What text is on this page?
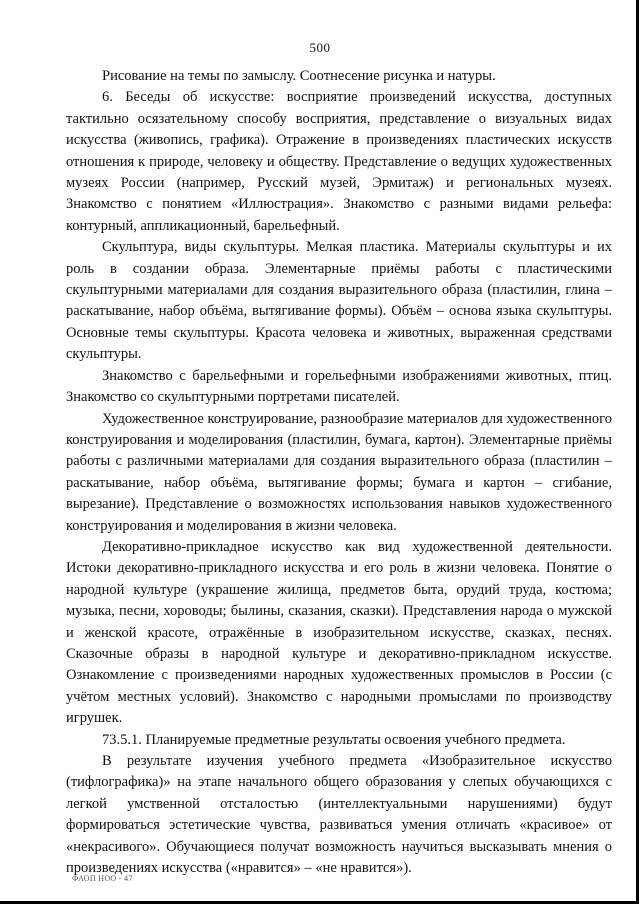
500

Рисование на темы по замыслу. Соотнесение рисунка и натуры.

6. Беседы об искусстве: восприятие произведений искусства, доступных тактильно осязательному способу восприятия, представление о визуальных видах искусства (живопись, графика). Отражение в произведениях пластических искусств отношения к природе, человеку и обществу. Представление о ведущих художественных музеях России (например, Русский музей, Эрмитаж) и региональных музеях. Знакомство с понятием «Иллюстрация». Знакомство с разными видами рельефа: контурный, аппликационный, барельефный.

Скульптура, виды скульптуры. Мелкая пластика. Материалы скульптуры и их роль в создании образа. Элементарные приёмы работы с пластическими скульптурными материалами для создания выразительного образа (пластилин, глина – раскатывание, набор объёма, вытягивание формы). Объём – основа языка скульптуры. Основные темы скульптуры. Красота человека и животных, выраженная средствами скульптуры.

Знакомство с барельефными и горельефными изображениями животных, птиц. Знакомство со скульптурными портретами писателей.

Художественное конструирование, разнообразие материалов для художественного конструирования и моделирования (пластилин, бумага, картон). Элементарные приёмы работы с различными материалами для создания выразительного образа (пластилин – раскатывание, набор объёма, вытягивание формы; бумага и картон – сгибание, вырезание). Представление о возможностях использования навыков художественного конструирования и моделирования в жизни человека.

Декоративно-прикладное искусство как вид художественной деятельности. Истоки декоративно-прикладного искусства и его роль в жизни человека. Понятие о народной культуре (украшение жилища, предметов быта, орудий труда, костюма; музыка, песни, хороводы; былины, сказания, сказки). Представления народа о мужской и женской красоте, отражённые в изобразительном искусстве, сказках, песнях. Сказочные образы в народной культуре и декоративно-прикладном искусстве. Ознакомление с произведениями народных художественных промыслов в России (с учётом местных условий). Знакомство с народными промыслами по производству игрушек.

73.5.1. Планируемые предметные результаты освоения учебного предмета.

В результате изучения учебного предмета «Изобразительное искусство (тифлографика)» на этапе начального общего образования у слепых обучающихся с легкой умственной отсталостью (интеллектуальными нарушениями) будут формироваться эстетические чувства, развиваться умения отличать «красивое» от «некрасивого». Обучающиеся получат возможность научиться высказывать мнения о произведениях искусства («нравится» – «не нравится»).

ФАОП НОО - 47
